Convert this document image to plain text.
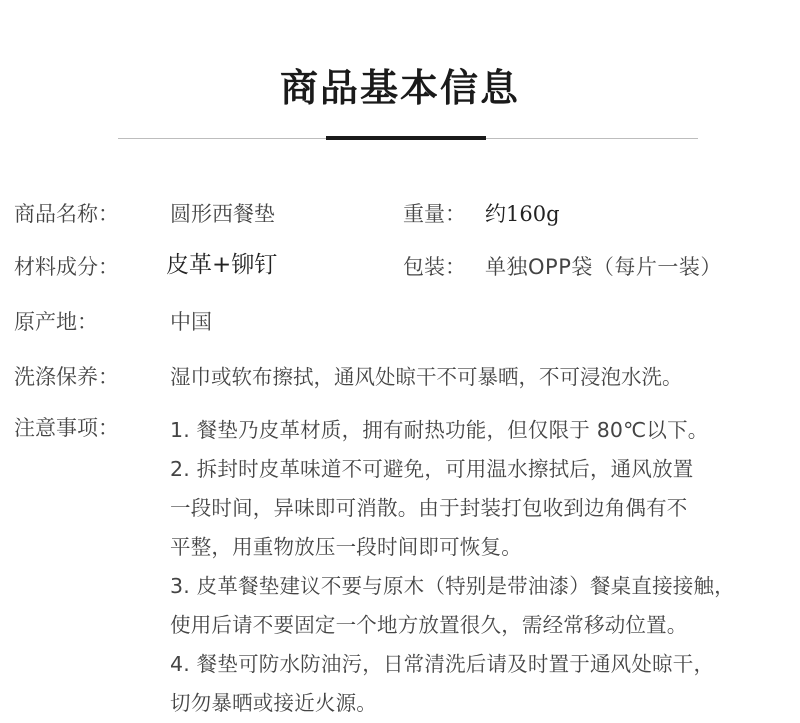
商品基本信息
商品名称： 圆形西餐垫	重量： 约160g
材料成分： 皮革+铆钉	包装： 单独OPP袋（每片一装）
原产地：	中国
洗涤保养： 湿巾或软布擦拭，通风处晾干不可暴晒，不可浸泡水洗。
注意事项： 1. 餐垫乃皮革材质，拥有耐热功能，但仅限于 80℃以下。
2. 拆封时皮革味道不可避免，可用温水擦拭后，通风放置
一段时间，异味即可消散。由于封装打包收到边角偶有不
平整，用重物放压一段时间即可恢复。
3. 皮革餐垫建议不要与原木（特别是带油漆）餐桌直接接触，
使用后请不要固定一个地方放置很久，需经常移动位置。
4. 餐垫可防水防油污，日常清洗后请及时置于通风处晾干，
切勿暴晒或接近火源。
